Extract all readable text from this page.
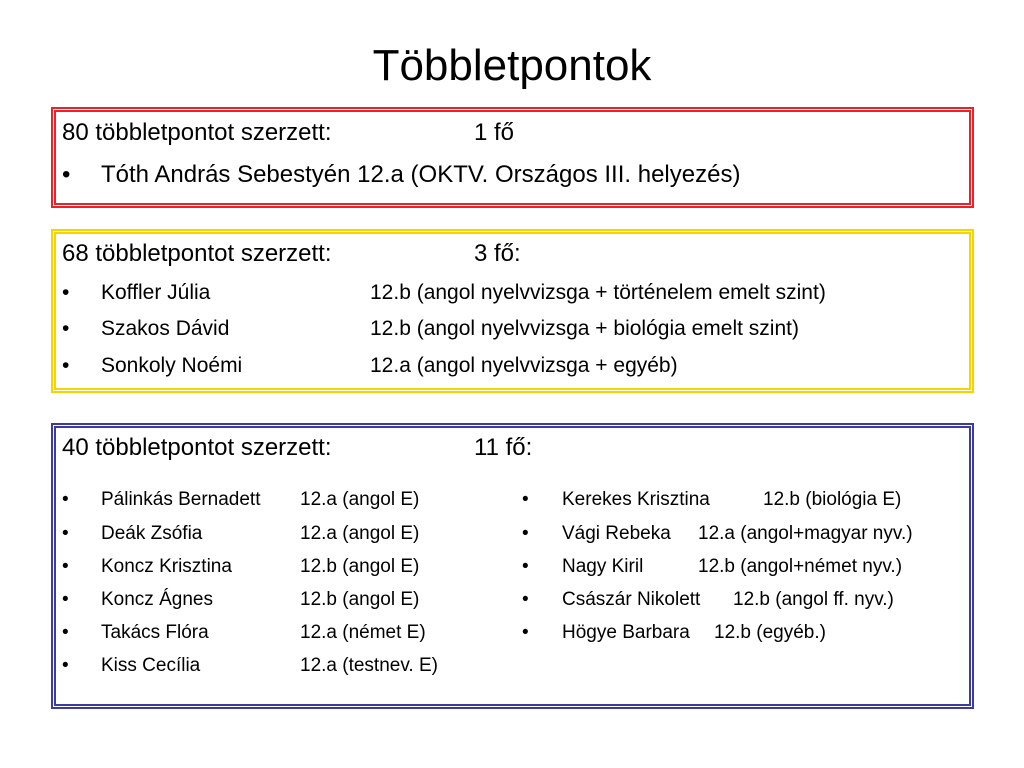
Többletpontok
80 többletpontot szerzett:	1 fő
• Tóth András Sebestyén 12.a (OKTV. Országos III. helyezés)
68 többletpontot szerzett:	3 fő:
• Koffler Júlia	12.b (angol nyelvvizsga + történelem emelt szint)
• Szakos Dávid	12.b (angol nyelvvizsga + biológia emelt szint)
• Sonkoly Noémi	12.a (angol nyelvvizsga + egyéb)
40 többletpontot szerzett:	11 fő:
• Pálinkás Bernadett 12.a (angol E)
• Deák Zsófia	12.a (angol E)
• Koncz Krisztina	12.b (angol E)
• Koncz Ágnes	12.b (angol E)
• Takács Flóra	12.a (német E)
• Kiss Cecília	12.a (testnev. E)
• Kerekes Krisztina	12.b (biológia E)
• Vági Rebeka 12.a (angol+magyar nyv.)
• Nagy Kiril	12.b (angol+német nyv.)
• Császár Nikolett 12.b (angol ff. nyv.)
• Högye Barbara 12.b (egyéb.)
